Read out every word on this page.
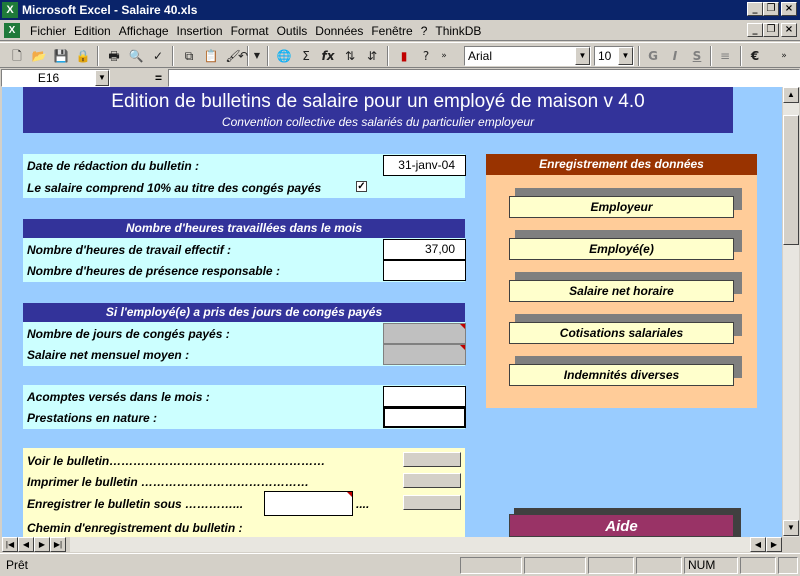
X Microsoft Excel - Salaire 40.xls	_ ❐ ×
X	Fichier Edition Affichage Insertion Format Outils Données Fenêtre ? ThinkDB	_ ❐ ×
🗋 📂 💾 🔒	🖶 🔍 ✓	⧉ 📋 🖌
↶ ▼ 🌐 Σ fx ⇅ ⇵	▮	?	»	Arial	▼ 10	▼	G	I	S	≡	€	»
E16	▼	=
Edition de bulletins de salaire pour un employé de maison v 4.0
Convention collective des salariés du particulier employeur
Date de rédaction du bulletin :	31-janv-04
Le salaire comprend 10% au titre des congés payés	✓
Nombre d'heures travaillées dans le mois
Nombre d'heures de travail effectif :	37,00
Nombre d'heures de présence responsable :
Si l'employé(e) a pris des jours de congés payés
Nombre de jours de congés payés :
Salaire net mensuel moyen :
Acomptes versés dans le mois :
Prestations en nature :
Voir le bulletin………………………………………………
Imprimer le bulletin ……………………………………
Enregistrer le bulletin sous …………...	....
Chemin d'enregistrement du bulletin :
Enregistrement des données
Employeur
Employé(e)
Salaire net horaire
Cotisations salariales
Indemnités diverses
Aide
▲
▼
|◀	◀	▶	▶|	◀	▶
Prêt	NUM
